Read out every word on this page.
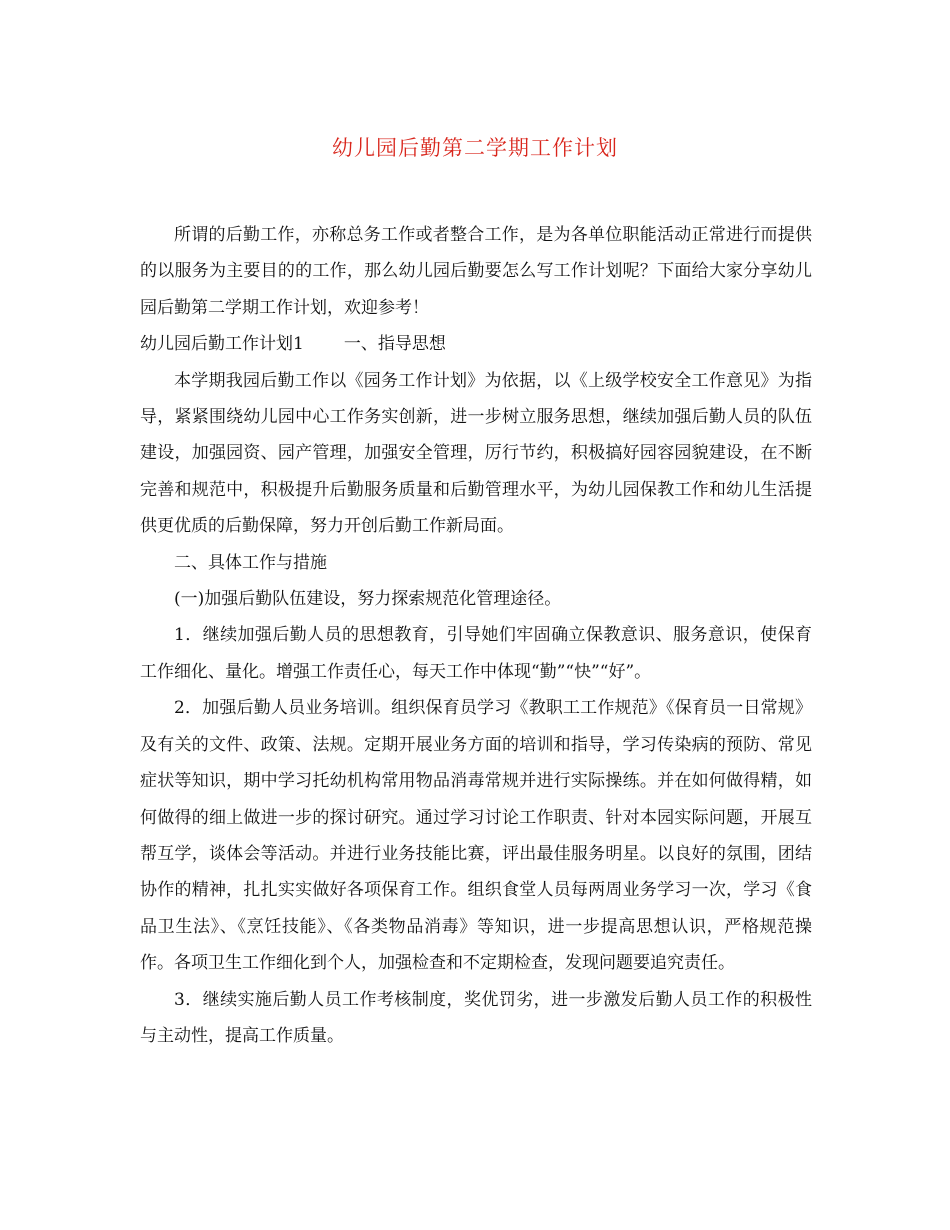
幼儿园后勤第二学期工作计划

所谓的后勤工作，亦称总务工作或者整合工作，是为各单位职能活动正常进行而提供的以服务为主要目的的工作，那么幼儿园后勤要怎么写工作计划呢？下面给大家分享幼儿园后勤第二学期工作计划，欢迎参考！

幼儿园后勤工作计划1 一、指导思想

本学期我园后勤工作以《园务工作计划》为依据，以《上级学校安全工作意见》为指导，紧紧围绕幼儿园中心工作务实创新，进一步树立服务思想，继续加强后勤人员的队伍建设，加强园资、园产管理，加强安全管理，厉行节约，积极搞好园容园貌建设，在不断完善和规范中，积极提升后勤服务质量和后勤管理水平，为幼儿园保教工作和幼儿生活提供更优质的后勤保障，努力开创后勤工作新局面。

二、具体工作与措施

(一)加强后勤队伍建设，努力探索规范化管理途径。

1．继续加强后勤人员的思想教育，引导她们牢固确立保教意识、服务意识，使保育工作细化、量化。增强工作责任心，每天工作中体现“勤”“快”“好”。

2．加强后勤人员业务培训。组织保育员学习《教职工工作规范》《保育员一日常规》及有关的文件、政策、法规。定期开展业务方面的培训和指导，学习传染病的预防、常见症状等知识，期中学习托幼机构常用物品消毒常规并进行实际操练。并在如何做得精，如何做得的细上做进一步的探讨研究。通过学习讨论工作职责、针对本园实际问题，开展互帮互学，谈体会等活动。并进行业务技能比赛，评出最佳服务明星。以良好的氛围，团结协作的精神，扎扎实实做好各项保育工作。组织食堂人员每两周业务学习一次，学习《食品卫生法》、《烹饪技能》、《各类物品消毒》等知识，进一步提高思想认识，严格规范操作。各项卫生工作细化到个人，加强检查和不定期检查，发现问题要追究责任。

3．继续实施后勤人员工作考核制度，奖优罚劣，进一步激发后勤人员工作的积极性与主动性，提高工作质量。
